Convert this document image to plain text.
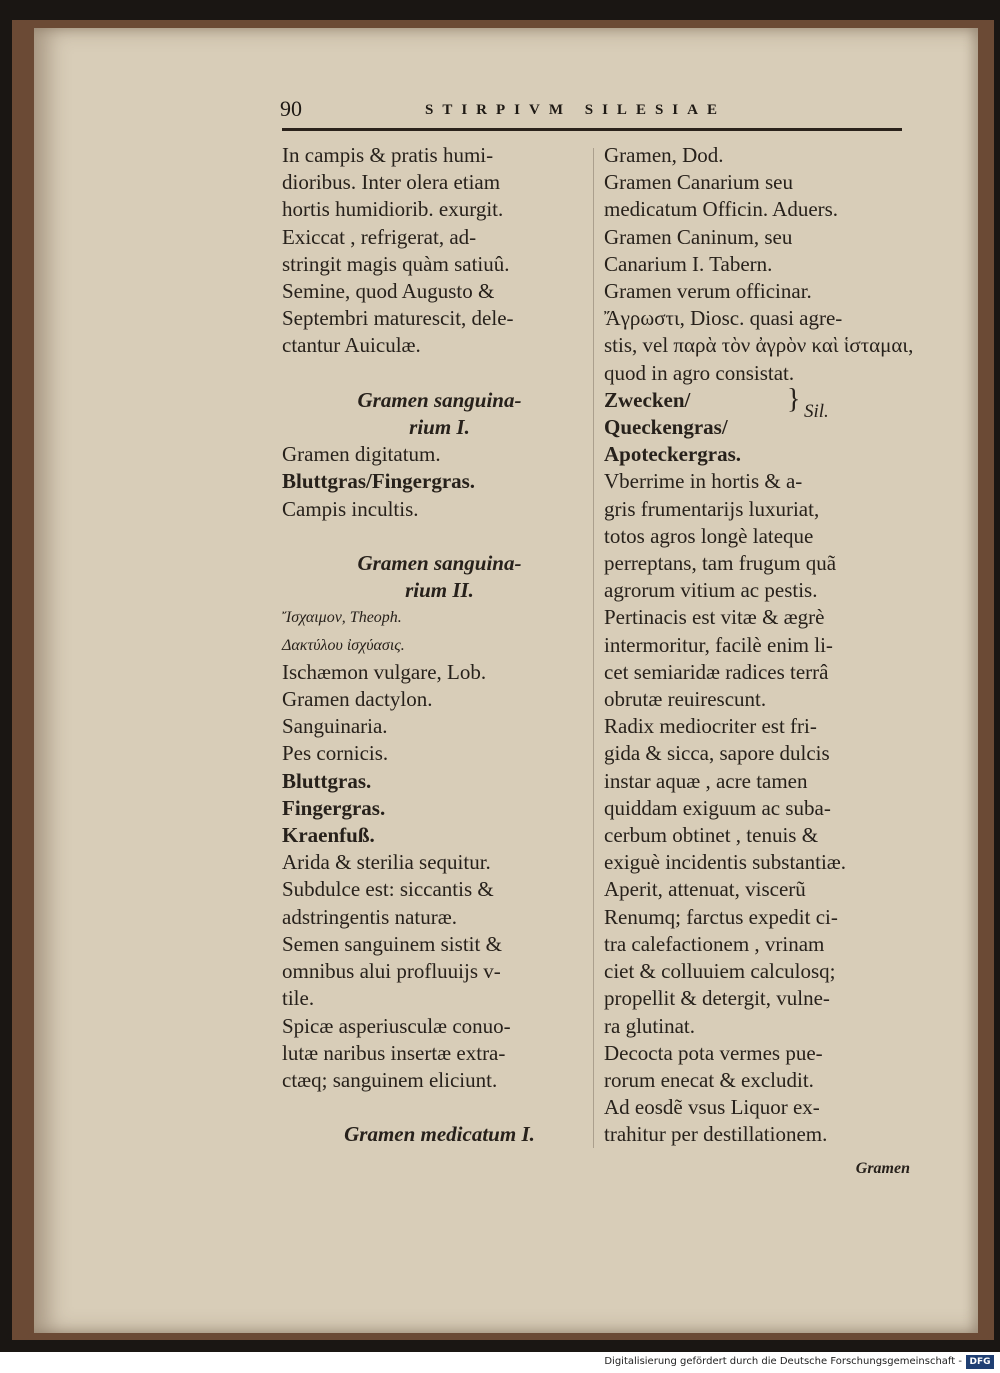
90	STIRPIVM SILESIAE
In campis & pratis humi-
dioribus. Inter olera etiam
hortis humidiorib. exurgit.
Exiccat , refrigerat, ad-
stringit magis quàm satiuû.
Semine, quod Augusto &
Septembri maturescit, dele-
ctantur Auiculæ.

Gramen sanguina-
rium I.
Gramen digitatum.
Bluttgras/Fingergras.
Campis incultis.

Gramen sanguina-
rium II.
Ἴσχαιμον, Theoph.
Δακτύλου ἰσχύασις.
Ischæmon vulgare, Lob.
Gramen dactylon.
Sanguinaria.
Pes cornicis.
Bluttgras.
Fingergras.
Kraenfuß.
Arida & sterilia sequitur.
Subdulce est: siccantis &
adstringentis naturæ.
Semen sanguinem sistit &
omnibus alui profluuijs v-
tile.
Spicæ asperiusculæ conuo-
lutæ naribus insertæ extra-
ctæq; sanguinem eliciunt.

Gramen medicatum I.
Gramen, Dod.
Gramen Canarium seu
medicatum Officin. Aduers.
Gramen Caninum, seu
Canarium I. Tabern.
Gramen verum officinar.
Ἄγρωστι, Diosc. quasi agre-
stis, vel παρὰ τὸν ἀγρὸν καὶ ἱσταμαι,
quod in agro consistat.
Zwecken/
Queckengras/
Apoteckergras.
Vberrime in hortis & a-
gris frumentarijs luxuriat,
totos agros longè lateque
perreptans, tam frugum quã
agrorum vitium ac pestis.
Pertinacis est vitæ & ægrè
intermoritur, facilè enim li-
cet semiaridæ radices terrâ
obrutæ reuirescunt.
Radix mediocriter est fri-
gida & sicca, sapore dulcis
instar aquæ , acre tamen
quiddam exiguum ac suba-
cerbum obtinet , tenuis &
exiguè incidentis substantiæ.
Aperit, attenuat, viscerũ
Renumq; farctus expedit ci-
tra calefactionem , vrinam
ciet & colluuiem calculosq;
propellit & detergit, vulne-
ra glutinat.
Decocta pota vermes pue-
rorum enecat & excludit.
Ad eosdẽ vsus Liquor ex-
trahitur per destillationem.
} Sil.
Gramen
Digitalisierung gefördert durch die Deutsche Forschungsgemeinschaft - DFG
